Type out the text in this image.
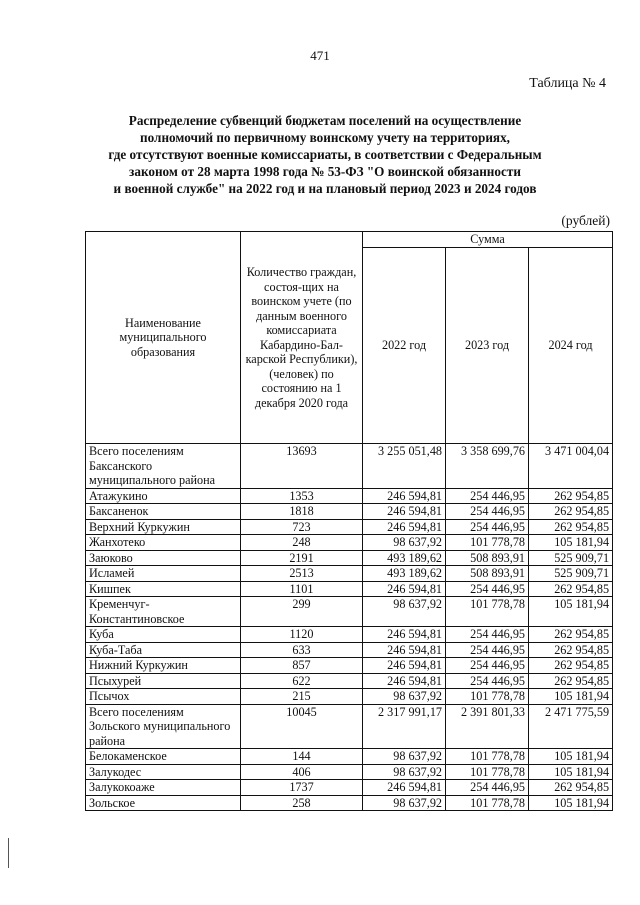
471
Таблица № 4
Распределение субвенций бюджетам поселений на осуществление
полномочий по первичному воинскому учету на территориях,
где отсутствуют военные комиссариаты, в соответствии с Федеральным
законом от 28 марта 1998 года № 53-ФЗ "О воинской обязанности
и военной службе" на 2022 год и на плановый период 2023 и 2024 годов
(рублей)
Наименование муниципального образования	Количество граждан, состоя-щих на воинском учете (по данным военного комиссариата Кабардино-Бал-карской Республики), (человек) по состоянию на 1 декабря 2020 года	Сумма		
		2022 год	2023 год	2024 год
Всего поселениям Баксанского муниципального района	13693	3 255 051,48	3 358 699,76	3 471 004,04
Атажукино	1353	246 594,81	254 446,95	262 954,85
Баксаненок	1818	246 594,81	254 446,95	262 954,85
Верхний Куркужин	723	246 594,81	254 446,95	262 954,85
Жанхотеко	248	98 637,92	101 778,78	105 181,94
Заюково	2191	493 189,62	508 893,91	525 909,71
Исламей	2513	493 189,62	508 893,91	525 909,71
Кишпек	1101	246 594,81	254 446,95	262 954,85
Кременчуг-Константиновское	299	98 637,92	101 778,78	105 181,94
Куба	1120	246 594,81	254 446,95	262 954,85
Куба-Таба	633	246 594,81	254 446,95	262 954,85
Нижний Куркужин	857	246 594,81	254 446,95	262 954,85
Псыхурей	622	246 594,81	254 446,95	262 954,85
Псычох	215	98 637,92	101 778,78	105 181,94
Всего поселениям Зольского муниципального района	10045	2 317 991,17	2 391 801,33	2 471 775,59
Белокаменское	144	98 637,92	101 778,78	105 181,94
Залукодес	406	98 637,92	101 778,78	105 181,94
Залукокоаже	1737	246 594,81	254 446,95	262 954,85
Зольское	258	98 637,92	101 778,78	105 181,94
